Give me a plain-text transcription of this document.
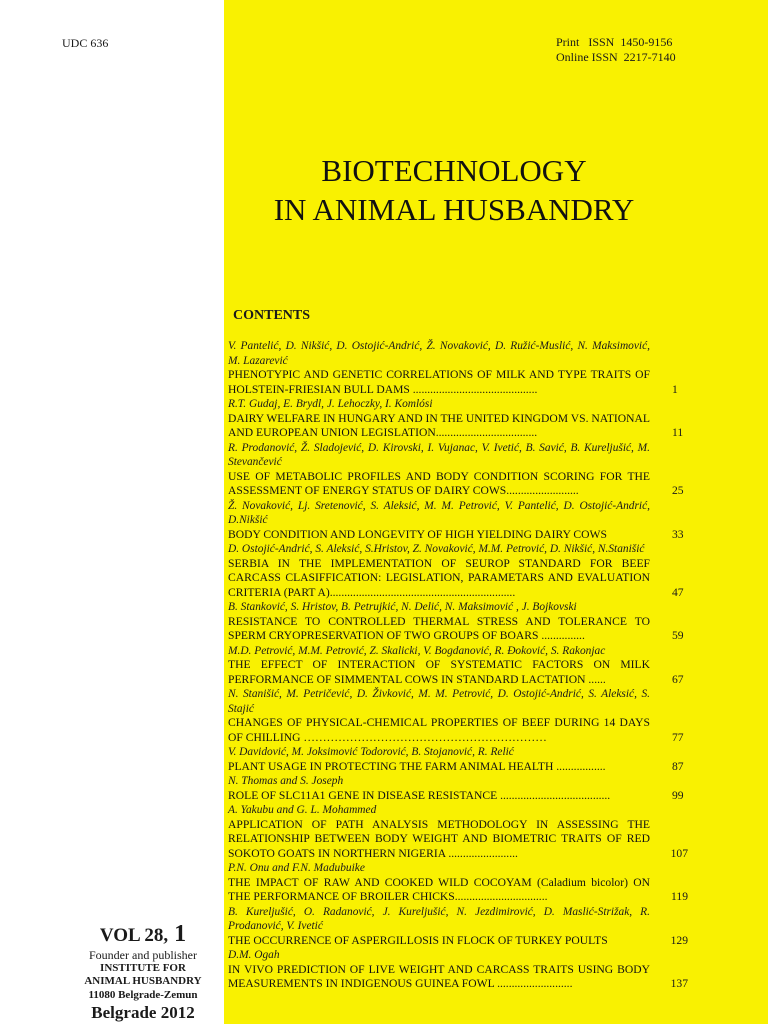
UDC 636	Print   ISSN  1450-9156
Online ISSN  2217-7140
BIOTECHNOLOGY
IN ANIMAL HUSBANDRY
CONTENTS
V. Pantelić, D. Nikšić, D. Ostojić-Andrić, Ž. Novaković, D. Ružić-Muslić, N. Maksimović, M. Lazarević
PHENOTYPIC AND GENETIC CORRELATIONS OF MILK AND TYPE TRAITS OF HOLSTEIN-FRIESIAN BULL DAMS ...........................................	1
R.T. Gudaj, E. Brydl, J. Lehoczky, I. Komlósi
DAIRY WELFARE IN HUNGARY AND IN THE UNITED KINGDOM VS. NATIONAL AND EUROPEAN UNION LEGISLATION...................................	11
R. Prodanović, Ž. Sladojević, D. Kirovski, I. Vujanac, V. Ivetić, B. Savić, B. Kureljušić, M. Stevančević
USE OF METABOLIC PROFILES AND BODY CONDITION SCORING FOR THE ASSESSMENT OF ENERGY STATUS OF DAIRY COWS.........................	25
Ž. Novaković, Lj. Sretenović, S. Aleksić, M. M. Petrović, V. Pantelić, D. Ostojić-Andrić, D.Nikšić
BODY CONDITION AND LONGEVITY OF HIGH YIELDING DAIRY COWS	33
D. Ostojić-Andrić, S. Aleksić, S.Hristov, Z. Novaković, M.M. Petrović, D. Nikšić, N.Stanišić
SERBIA IN THE IMPLEMENTATION OF SEUROP STANDARD FOR BEEF CARCASS CLASIFFICATION: LEGISLATION, PARAMETARS AND EVALUATION CRITERIA (PART A)................................................................	47
B. Stanković, S. Hristov, B. Petrujkić, N. Delić, N. Maksimović , J. Bojkovski
RESISTANCE TO CONTROLLED THERMAL STRESS AND TOLERANCE TO SPERM CRYOPRESERVATION OF TWO GROUPS OF BOARS ...............	59
M.D. Petrović, M.M. Petrović, Z. Skalicki, V. Bogdanović, R. Đoković, S. Rakonjac
THE EFFECT OF INTERACTION OF SYSTEMATIC FACTORS ON MILK PERFORMANCE OF SIMMENTAL COWS IN STANDARD LACTATION ......	67
N. Stanišić, M. Petričević, D. Živković, M. M. Petrović, D. Ostojić-Andrić, S. Aleksić, S. Stajić
CHANGES OF PHYSICAL-CHEMICAL PROPERTIES OF BEEF DURING 14 DAYS OF CHILLING ………………………………………………………	77
V. Davidović, M. Joksimović Todorović, B. Stojanović, R. Relić
PLANT USAGE IN PROTECTING THE FARM ANIMAL HEALTH .................	87
N. Thomas and S. Joseph
ROLE OF SLC11A1 GENE IN DISEASE RESISTANCE ......................................	99
A. Yakubu and G. L. Mohammed
APPLICATION OF PATH ANALYSIS METHODOLOGY IN ASSESSING THE RELATIONSHIP BETWEEN BODY WEIGHT AND BIOMETRIC TRAITS OF RED SOKOTO GOATS IN NORTHERN NIGERIA ........................	107
P.N. Onu and F.N. Madubuike
THE IMPACT OF RAW AND COOKED WILD COCOYAM (Caladium bicolor) ON THE PERFORMANCE OF BROILER CHICKS................................	119
B. Kureljušić, O. Radanović, J. Kureljušić, N. Jezdimirović, D. Maslić-Strižak, R. Prodanović, V. Ivetić
THE OCCURRENCE OF ASPERGILLOSIS IN FLOCK OF TURKEY POULTS	129
D.M. Ogah
IN VIVO PREDICTION OF LIVE WEIGHT AND CARCASS TRAITS USING BODY MEASUREMENTS IN INDIGENOUS GUINEA FOWL ..........................	137
VOL 28, 1
Founder and publisher
INSTITUTE FOR
ANIMAL HUSBANDRY
11080 Belgrade-Zemun
Belgrade 2012
